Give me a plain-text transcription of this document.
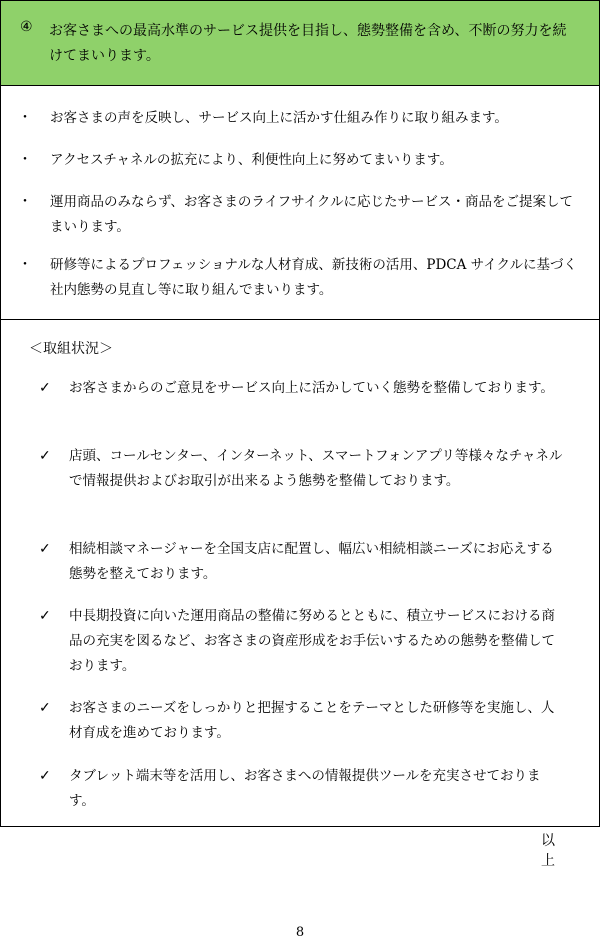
④ お客さまへの最高水準のサービス提供を目指し、態勢整備を含め、不断の努力を続けてまいります。
・ お客さまの声を反映し、サービス向上に活かす仕組み作りに取り組みます。
・ アクセスチャネルの拡充により、利便性向上に努めてまいります。
・ 運用商品のみならず、お客さまのライフサイクルに応じたサービス・商品をご提案してまいります。
・ 研修等によるプロフェッショナルな人材育成、新技術の活用、PDCA サイクルに基づく社内態勢の見直し等に取り組んでまいります。
＜取組状況＞
✓ お客さまからのご意見をサービス向上に活かしていく態勢を整備しております。
✓ 店頭、コールセンター、インターネット、スマートフォンアプリ等様々なチャネルで情報提供およびお取引が出来るよう態勢を整備しております。
✓ 相続相談マネージャーを全国支店に配置し、幅広い相続相談ニーズにお応えする態勢を整えております。
✓ 中長期投資に向いた運用商品の整備に努めるとともに、積立サービスにおける商品の充実を図るなど、お客さまの資産形成をお手伝いするための態勢を整備しております。
✓ お客さまのニーズをしっかりと把握することをテーマとした研修等を実施し、人材育成を進めております。
✓ タブレット端末等を活用し、お客さまへの情報提供ツールを充実させております。
以  上
8
